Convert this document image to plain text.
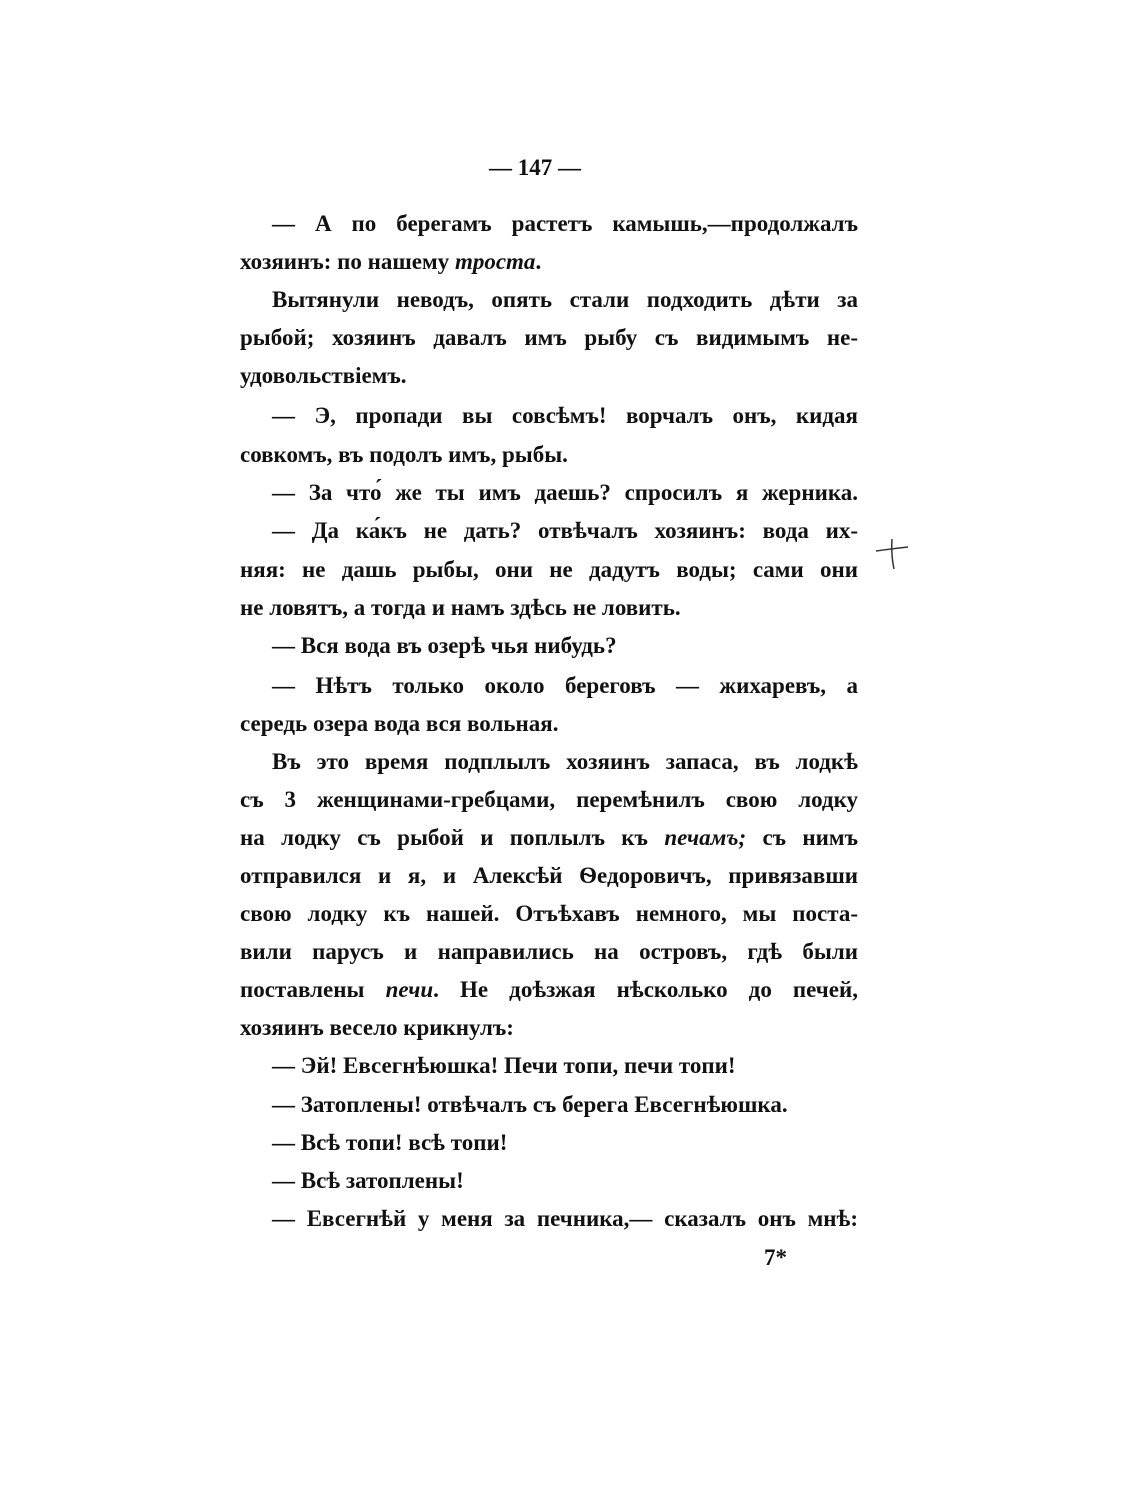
— 147 —
— А по берегамъ растетъ камышь,—продолжалъ
хозяинъ: по нашему троста.
Вытянули неводъ, опять стали подходить дѣти за
рыбой; хозяинъ давалъ имъ рыбу съ видимымъ не-
удовольствіемъ.
— Э, пропади вы совсѣмъ! ворчалъ онъ, кидая
совкомъ, въ подолъ имъ, рыбы.
— За что́ же ты имъ даешь? спросилъ я жерника.
— Да ка́къ не дать? отвѣчалъ хозяинъ: вода их-
няя: не дашь рыбы, они не дадутъ воды; сами они
не ловятъ, а тогда и намъ здѣсь не ловить.
— Вся вода въ озерѣ чья нибудь?
— Нѣтъ только около береговъ — жихаревъ, а
середь озера вода вся вольная.
Въ это время подплылъ хозяинъ запаса, въ лодкѣ
съ 3 женщинами-гребцами, перемѣнилъ свою лодку
на лодку съ рыбой и поплылъ къ печамъ; съ нимъ
отправился и я, и Алексѣй Ѳедоровичъ, привязавши
свою лодку къ нашей. Отъѣхавъ немного, мы поста-
вили парусъ и направились на островъ, гдѣ были
поставлены печи. Не доѣзжая нѣсколько до печей,
хозяинъ весело крикнулъ:
— Эй! Евсегнѣюшка! Печи топи, печи топи!
— Затоплены! отвѣчалъ съ берега Евсегнѣюшка.
— Всѣ топи! всѣ топи!
— Всѣ затоплены!
— Евсегнѣй у меня за печника,— сказалъ онъ мнѣ:
7*
